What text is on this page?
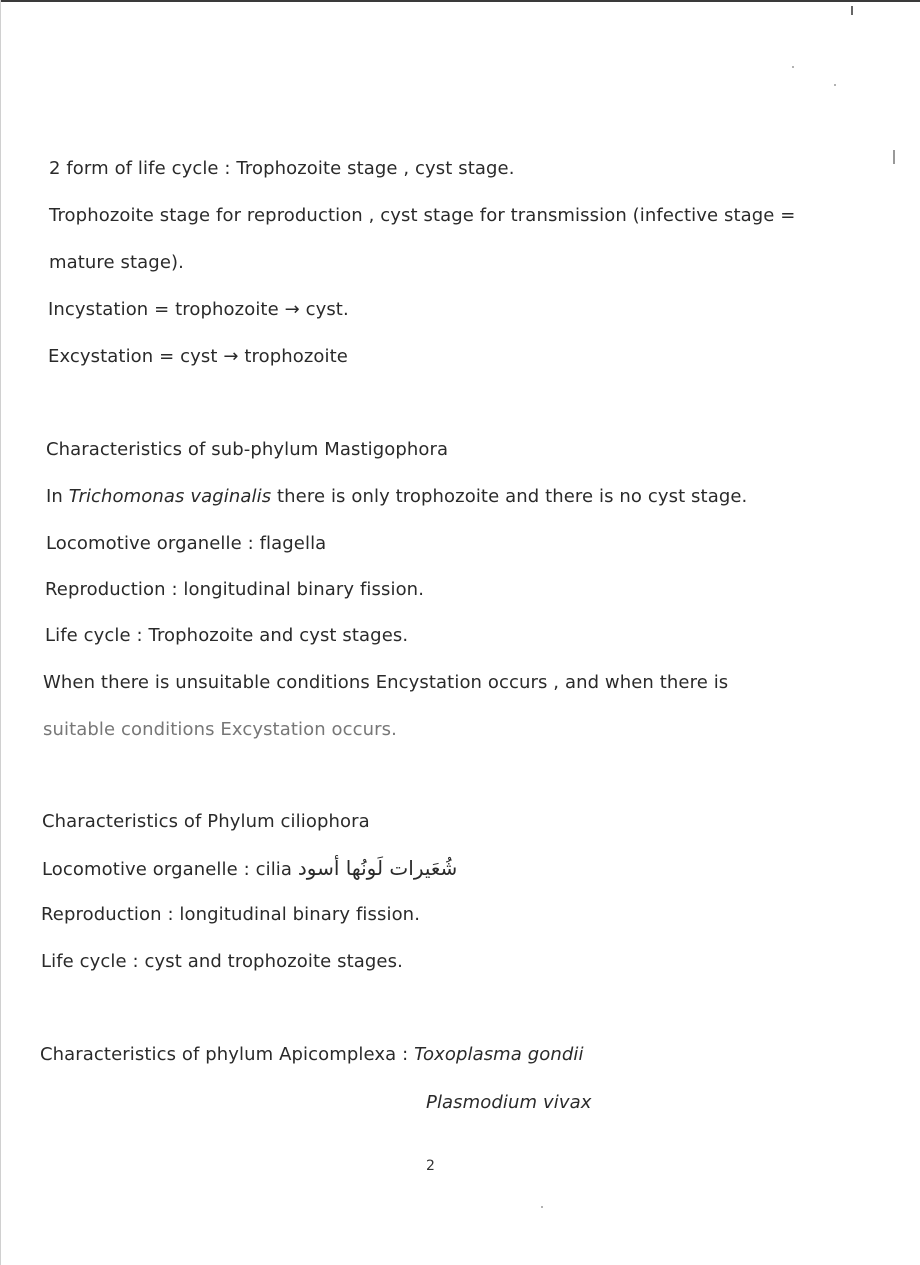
2 form of life cycle : Trophozoite stage , cyst stage.
Trophozoite stage for reproduction , cyst stage for transmission (infective stage =
mature stage).
Incystation = trophozoite → cyst.
Excystation = cyst → trophozoite
Characteristics of sub-phylum Mastigophora
In Trichomonas vaginalis there is only trophozoite and there is no cyst stage.
Locomotive organelle : flagella
Reproduction : longitudinal binary fission.
Life cycle : Trophozoite and cyst stages.
When there is unsuitable conditions Encystation occurs , and when there is
suitable conditions Excystation occurs.
Characteristics of Phylum ciliophora
Locomotive organelle : cilia شُعَيرات لَونُها أسود
Reproduction : longitudinal binary fission.
Life cycle : cyst and trophozoite stages.
Characteristics of phylum Apicomplexa : Toxoplasma gondii
Plasmodium vivax
2
